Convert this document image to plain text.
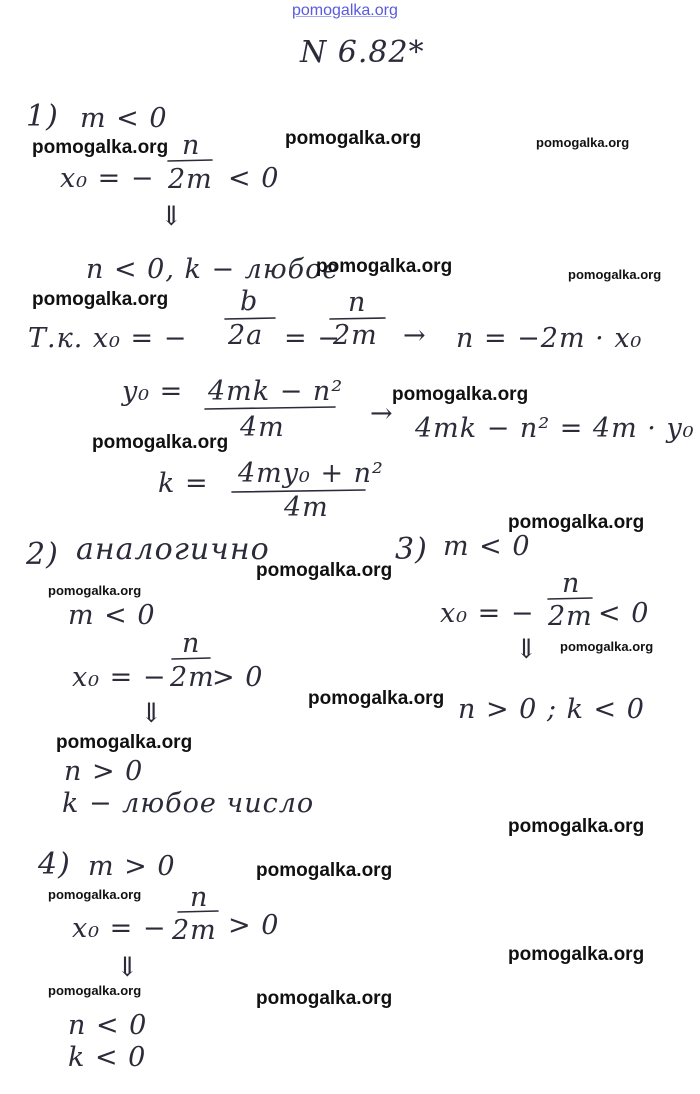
pomogalka.org
N 6.82*
1) m < 0
x₀ = −
n
2m < 0
⇓
n < 0, k − любое
Т.к. x₀ = −
b
2a = −
n
2m → n = −2m · x₀
y₀ = 4mk − n²
4m	→ 4mk − n² = 4m · y₀
k = 4my₀ + n²
4m
2) аналогично
m < 0
x₀ = −
n
2m
> 0
⇓
n > 0
k − любое число
3) m < 0
x₀ = −
n
2m < 0
⇓
n > 0 ; k < 0
4) m > 0
x₀ = −
n
2m > 0
⇓
n < 0
k < 0
pomogalka.org
pomogalka.org	pomogalka.org
pomogalka.org	pomogalka.org
pomogalka.org
pomogalka.org
pomogalka.org
pomogalka.org
pomogalka.org
pomogalka.org
pomogalka.org
pomogalka.org
pomogalka.org
pomogalka.org
pomogalka.org
pomogalka.org
pomogalka.org
pomogalka.org	pomogalka.org
